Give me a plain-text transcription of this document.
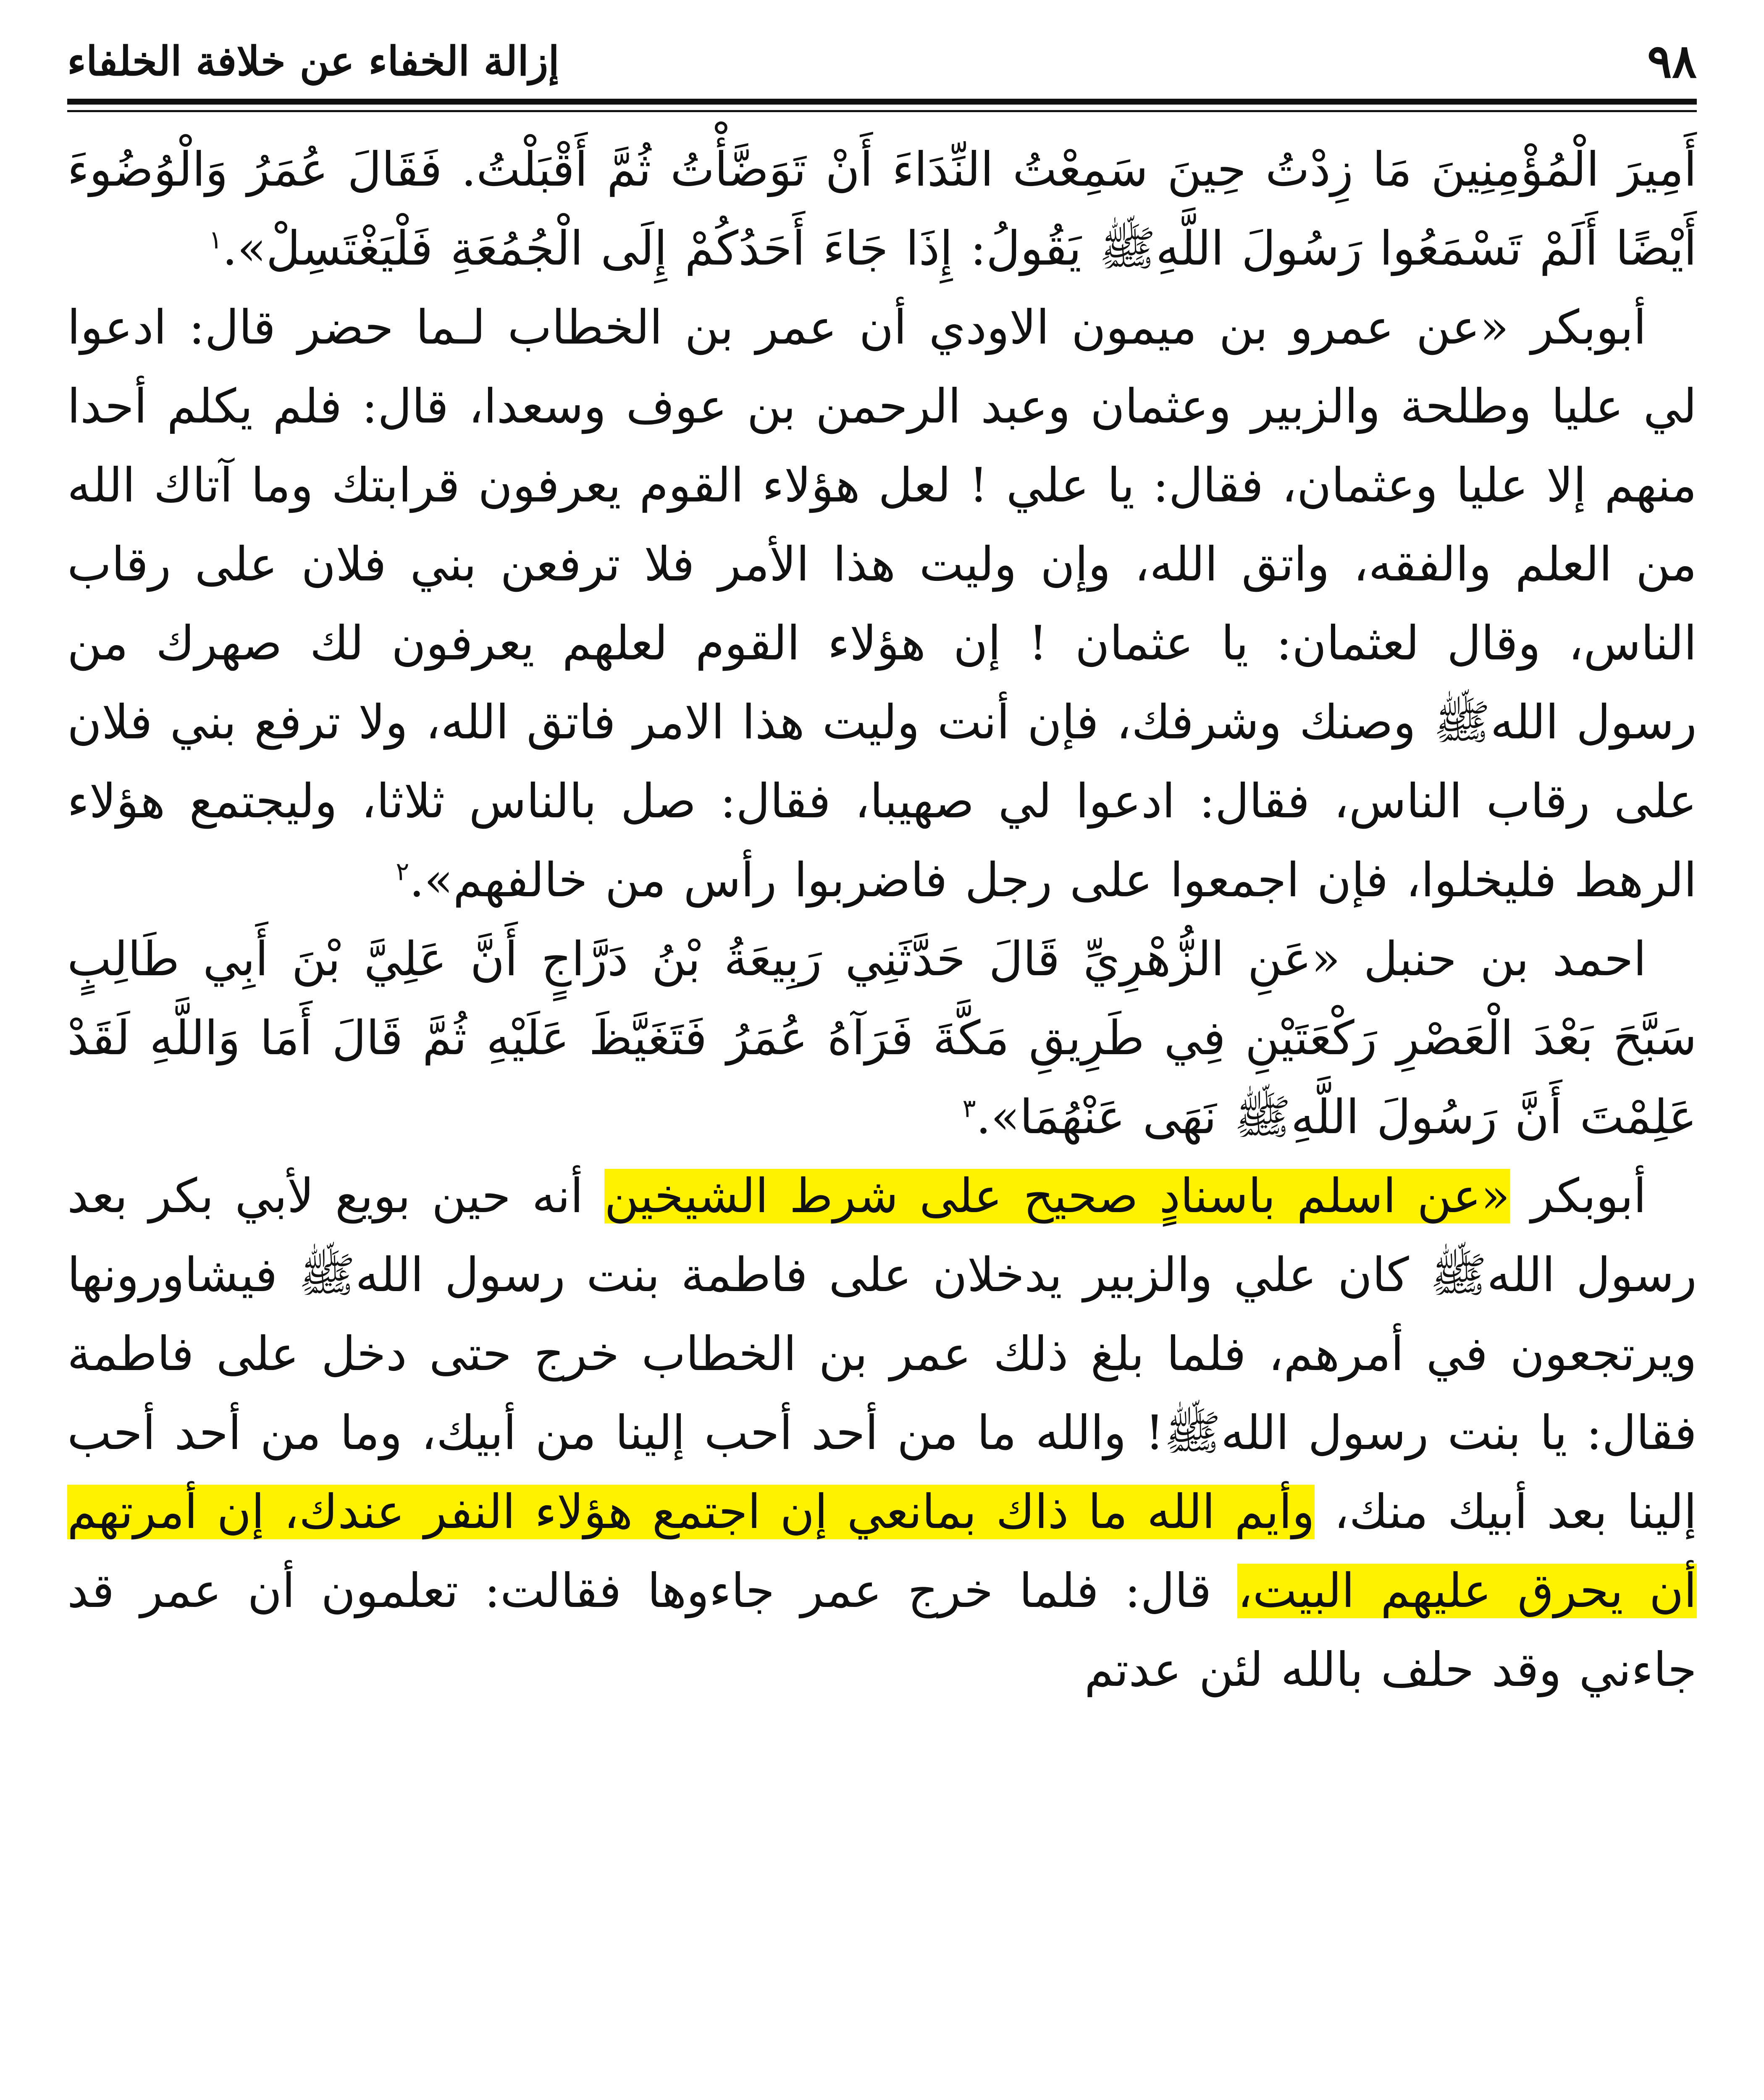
٩٨
إزالة الخفاء عن خلافة الخلفاء

أَمِيرَ الْمُؤْمِنِينَ مَا زِدْتُ حِينَ سَمِعْتُ النِّدَاءَ أَنْ تَوَضَّأْتُ ثُمَّ أَقْبَلْتُ. فَقَالَ عُمَرُ وَالْوُضُوءَ أَيْضًا أَلَمْ تَسْمَعُوا رَسُولَ اللَّهِﷺ يَقُولُ: إِذَا جَاءَ أَحَدُكُمْ إِلَى الْجُمُعَةِ فَلْيَغْتَسِلْ».$^١$

أبوبكر «عن عمرو بن ميمون الاودي أن عمر بن الخطاب لـما حضر قال: ادعوا لي عليا وطلحة والزبير وعثمان وعبد الرحمن بن عوف وسعدا، قال: فلم يكلم أحدا منهم إلا عليا وعثمان، فقال: يا علي ! لعل هؤلاء القوم يعرفون قرابتك وما آتاك الله من العلم والفقه، واتق الله، وإن وليت هذا الأمر فلا ترفعن بني فلان على رقاب الناس، وقال لعثمان: يا عثمان ! إن هؤلاء القوم لعلهم يعرفون لك صهرك من رسول اللهﷺ وصنك وشرفك، فإن أنت وليت هذا الامر فاتق الله، ولا ترفع بني فلان على رقاب الناس، فقال: ادعوا لي صهيبا، فقال: صل بالناس ثلاثا، وليجتمع هؤلاء الرهط فليخلوا، فإن اجمعوا على رجل فاضربوا رأس من خالفهم».$^٢$

احمد بن حنبل «عَنِ الزُّهْرِيِّ قَالَ حَدَّثَنِي رَبِيعَةُ بْنُ دَرَّاجٍ أَنَّ عَلِيَّ بْنَ أَبِي طَالِبٍ سَبَّحَ بَعْدَ الْعَصْرِ رَكْعَتَيْنِ فِي طَرِيقِ مَكَّةَ فَرَآهُ عُمَرُ فَتَغَيَّظَ عَلَيْهِ ثُمَّ قَالَ أَمَا وَاللَّهِ لَقَدْ عَلِمْتَ أَنَّ رَسُولَ اللَّهِﷺ نَهَى عَنْهُمَا».$^٣$

أبوبكر «عن اسلم باسنادٍ صحيح على شرط الشيخين أنه حين بويع لأبي بكر بعد رسول اللهﷺ كان علي والزبير يدخلان على فاطمة بنت رسول اللهﷺ فيشاورونها ويرتجعون في أمرهم، فلما بلغ ذلك عمر بن الخطاب خرج حتى دخل على فاطمة فقال: يا بنت رسول اللهﷺ! والله ما من أحد أحب إلينا من أبيك، وما من أحد أحب إلينا بعد أبيك منك، وأيم الله ما ذاك بمانعي إن اجتمع هؤلاء النفر عندك، إن أمرتهم أن يحرق عليهم البيت، قال: فلما خرج عمر جاءوها فقالت: تعلمون أن عمر قد جاءني وقد حلف بالله لئن عدتم
